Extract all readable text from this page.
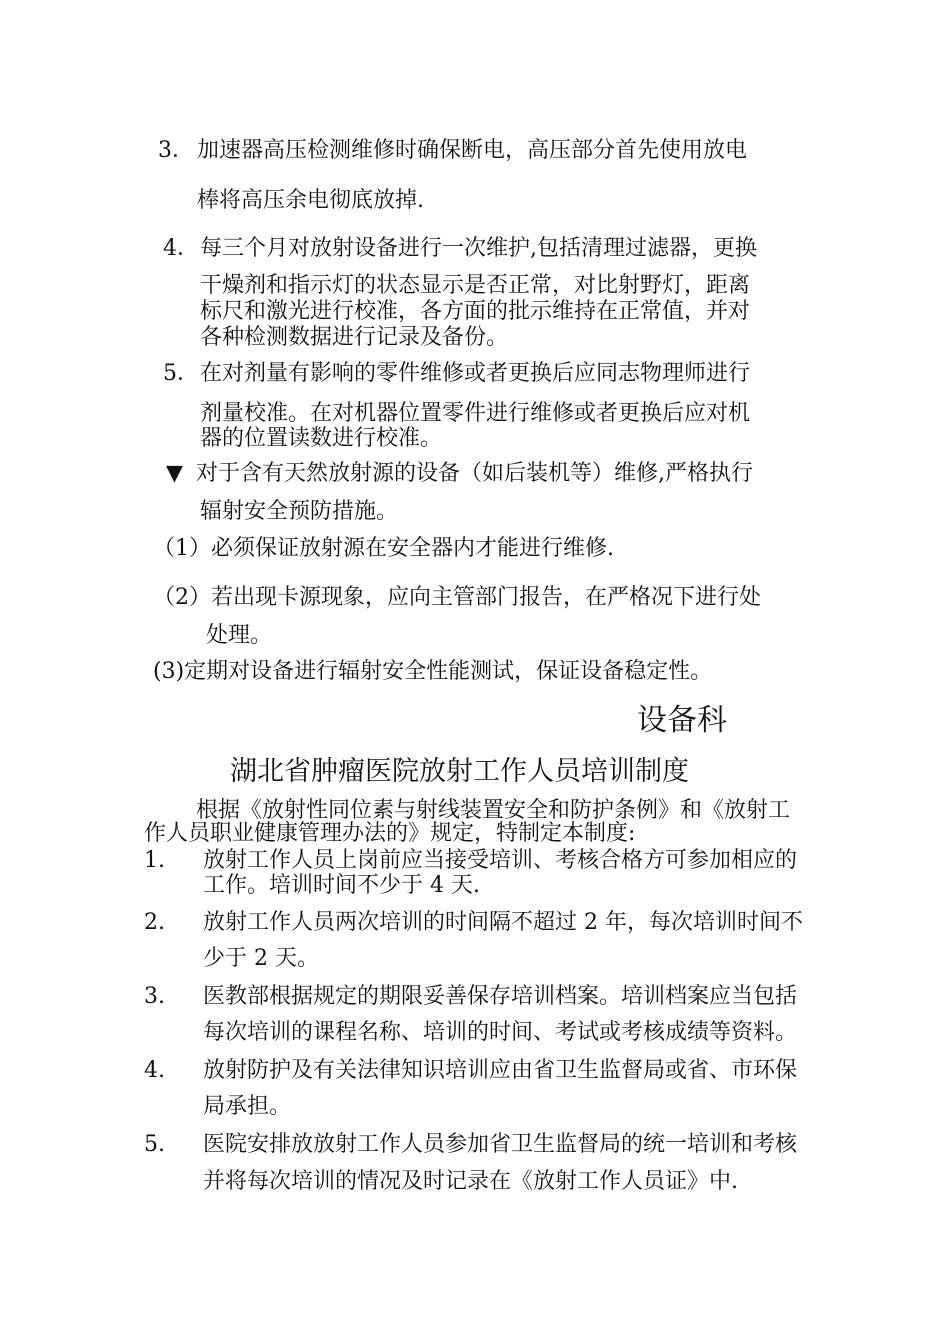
3． 加速器高压检测维修时确保断电，高压部分首先使用放电
棒将高压余电彻底放掉.
4． 每三个月对放射设备进行一次维护,包括清理过滤器，更换
干燥剂和指示灯的状态显示是否正常，对比射野灯，距离
标尺和激光进行校准，各方面的批示维持在正常值，并对
各种检测数据进行记录及备份。
5． 在对剂量有影响的零件维修或者更换后应同志物理师进行
剂量校准。在对机器位置零件进行维修或者更换后应对机
器的位置读数进行校准。
▼ 对于含有天然放射源的设备（如后装机等）维修,严格执行
辐射安全预防措施。
（1）必须保证放射源在安全器内才能进行维修.
（2）若出现卡源现象，应向主管部门报告，在严格况下进行处
处理。
(3)定期对设备进行辐射安全性能测试，保证设备稳定性。
设备科
湖北省肿瘤医院放射工作人员培训制度
根据《放射性同位素与射线装置安全和防护条例》和《放射工
作人员职业健康管理办法的》规定，特制定本制度:
1. 放射工作人员上岗前应当接受培训、考核合格方可参加相应的
工作。培训时间不少于 4 天.
2. 放射工作人员两次培训的时间隔不超过 2 年，每次培训时间不
少于 2 天。
3. 医教部根据规定的期限妥善保存培训档案。培训档案应当包括
每次培训的课程名称、培训的时间、考试或考核成绩等资料。
4. 放射防护及有关法律知识培训应由省卫生监督局或省、市环保
局承担。
5. 医院安排放放射工作人员参加省卫生监督局的统一培训和考核
并将每次培训的情况及时记录在《放射工作人员证》中.
